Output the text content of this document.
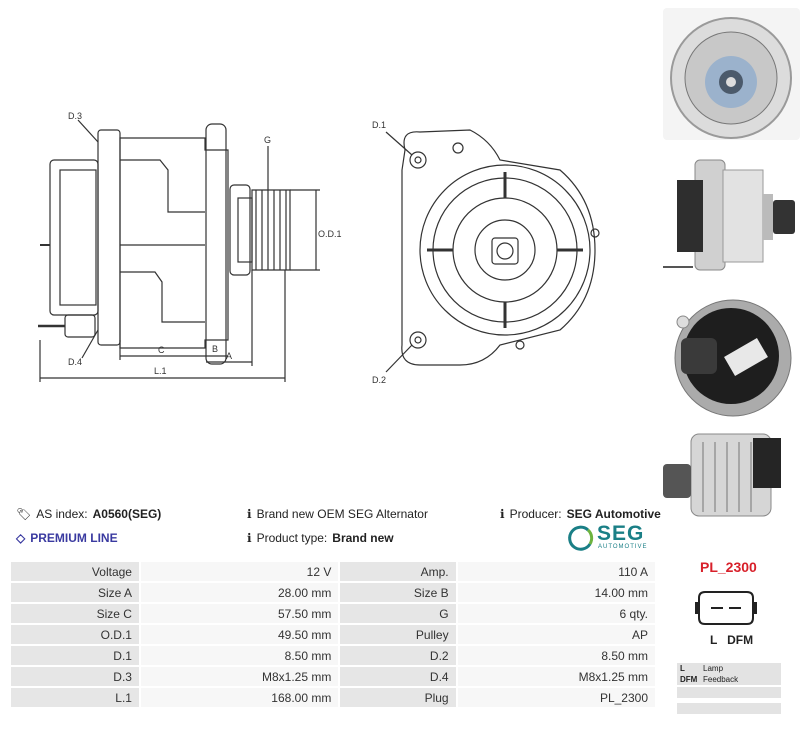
D.3
G
O.D.1
D.4
C	B
A
L.1
D.1
D.2
🏷︎ AS index: A0560(SEG)
◇ PREMIUM LINE
ℹ Brand new OEM SEG Alternator
ℹ Product type: Brand new
ℹ Producer: SEG Automotive
SEG
AUTOMOTIVE
Voltage	12 V	Amp.	110 A
Size A	28.00 mm	Size B	14.00 mm
Size C	57.50 mm	G	6 qty.
O.D.1	49.50 mm	Pulley	AP
D.1	8.50 mm	D.2	8.50 mm
D.3	M8x1.25 mm	D.4	M8x1.25 mm
L.1	168.00 mm	Plug	PL_2300
PL_2300
L   DFM
L Lamp
DFM Feedback
